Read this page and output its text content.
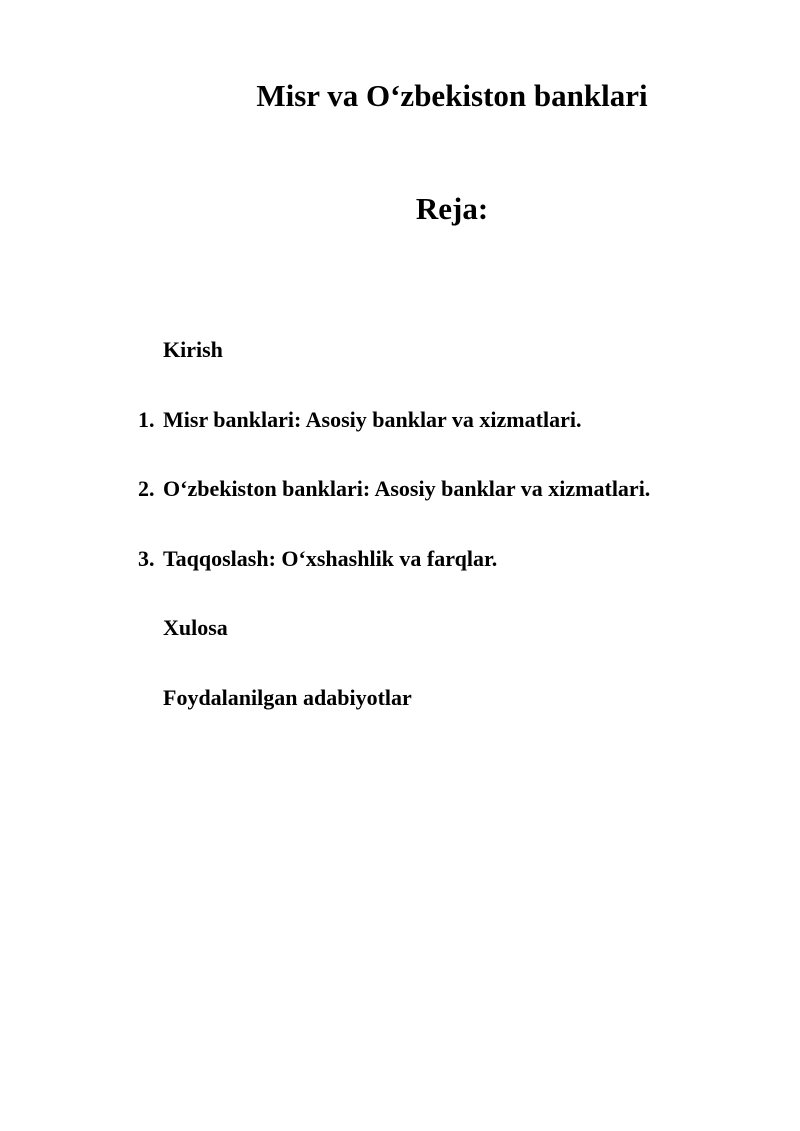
Misr va O‘zbekiston banklari
Reja:
Kirish
1. Misr banklari: Asosiy banklar va xizmatlari.
2. O‘zbekiston banklari: Asosiy banklar va xizmatlari.
3. Taqqoslash: O‘xshashlik va farqlar.
Xulosa
Foydalanilgan adabiyotlar
